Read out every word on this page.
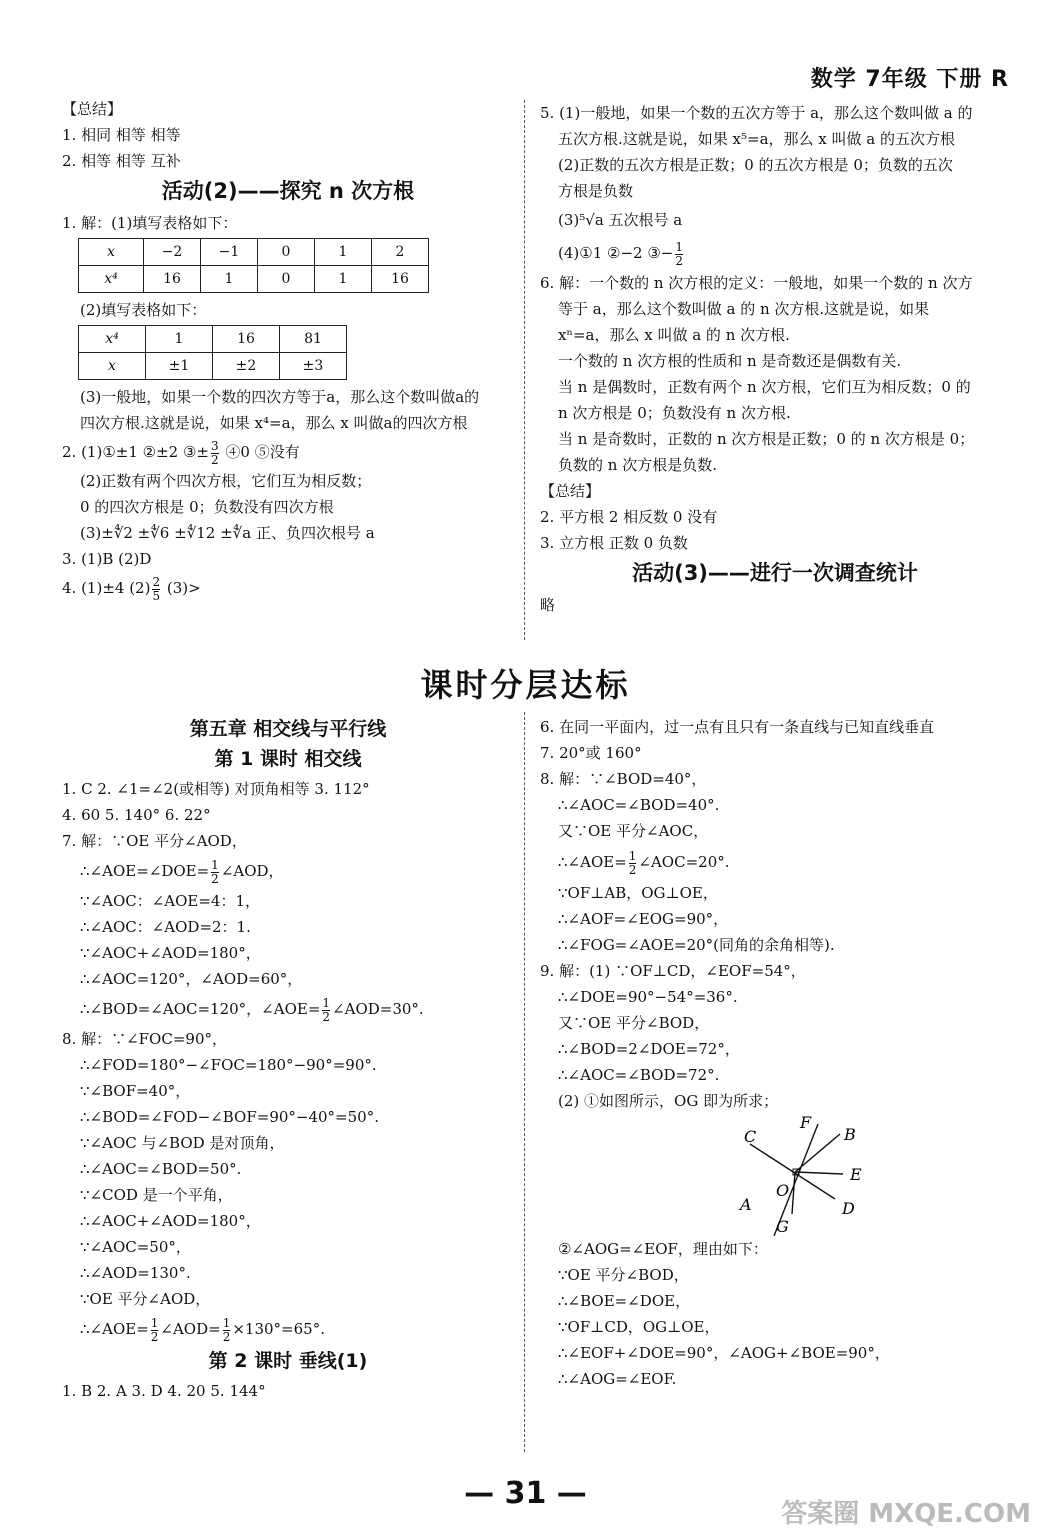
数学 7年级 下册 R

【总结】

1. 相同 相等 相等

2. 相等 相等 互补

活动(2)——探究 n 次方根

1. 解：(1)填写表格如下：

x	−2	−1	0	1	2
x⁴	16	1	0	1	16

(2)填写表格如下：

x⁴	1	16	81
x	±1	±2	±3

(3)一般地，如果一个数的四次方等于a，那么这个数叫做a的

四次方根.这就是说，如果 x⁴=a，那么 x 叫做a的四次方根

2. (1)①±1 ②±2 ③± $\frac{3}{2}$ ④0 ⑤没有

(2)正数有两个四次方根，它们互为相反数；

0 的四次方根是 0；负数没有四次方根

(3)±∜2 ±∜6 ±∜12 ±∜a 正、负四次根号 a

3. (1)B (2)D

4. (1)±4 $(2) \frac{2}{5} (3)>$

5. (1)一般地，如果一个数的五次方等于 a，那么这个数叫做 a 的

五次方根.这就是说，如果 x⁵=a，那么 x 叫做 a 的五次方根

(2)正数的五次方根是正数；0 的五次方根是 0；负数的五次

方根是负数

(3)⁵√a 五次根号 a

(4)①1 ②−2 ③− $\frac{1}{2}$

6. 解：一个数的 n 次方根的定义：一般地，如果一个数的 n 次方

等于 a，那么这个数叫做 a 的 n 次方根.这就是说，如果

xⁿ=a，那么 x 叫做 a 的 n 次方根.

一个数的 n 次方根的性质和 n 是奇数还是偶数有关.

当 n 是偶数时，正数有两个 n 次方根，它们互为相反数；0 的

n 次方根是 0；负数没有 n 次方根.

当 n 是奇数时，正数的 n 次方根是正数；0 的 n 次方根是 0；

负数的 n 次方根是负数.

【总结】

2. 平方根 2 相反数 0 没有

3. 立方根 正数 0 负数

活动(3)——进行一次调查统计

略

课时分层达标
第五章 相交线与平行线
第 1 课时 相交线

1. C 2. ∠1=∠2(或相等) 对顶角相等 3. 112°

4. 60 5. 140° 6. 22°

7. 解：∵OE 平分∠AOD，

∴∠AOE=∠DOE= $\frac{1}{2}$ ∠AOD，

∵∠AOC：∠AOE=4：1，

∴∠AOC：∠AOD=2：1.

∵∠AOC+∠AOD=180°，

∴∠AOC=120°，∠AOD=60°，

∴∠BOD=∠AOC=120°，∠AOE= $\frac{1}{2}$ ∠AOD=30°.

8. 解：∵∠FOC=90°，

∴∠FOD=180°−∠FOC=180°−90°=90°.

∵∠BOF=40°，

∴∠BOD=∠FOD−∠BOF=90°−40°=50°.

∵∠AOC 与∠BOD 是对顶角，

∴∠AOC=∠BOD=50°.

∵∠COD 是一个平角，

∴∠AOC+∠AOD=180°，

∵∠AOC=50°，

∴∠AOD=130°.

∵OE 平分∠AOD，

∴∠AOE= $\frac{1}{2}$ ∠AOD= $\frac{1}{2} \times 130^\circ=65^\circ$.

第 2 课时 垂线(1)

1. B 2. A 3. D 4. 20 5. 144°

6. 在同一平面内，过一点有且只有一条直线与已知直线垂直

7. 20°或 160°

8. 解：∵∠BOD=40°，

∴∠AOC=∠BOD=40°.

又∵OE 平分∠AOC，

∴∠AOE= $\frac{1}{2}$ ∠AOC=20°.

∵OF⊥AB，OG⊥OE，

∴∠AOF=∠EOG=90°，

∴∠FOG=∠AOE=20°(同角的余角相等).

9. 解：(1) ∵OF⊥CD，∠EOF=54°，

∴∠DOE=90°−54°=36°.

又∵OE 平分∠BOD，

∴∠BOD=2∠DOE=72°，

∴∠AOC=∠BOD=72°.

(2) ①如图所示，OG 即为所求；

C
F
B
E
A
O
D
G

②∠AOG=∠EOF，理由如下：

∵OE 平分∠BOD，

∴∠BOE=∠DOE，

∵OF⊥CD，OG⊥OE，

∴∠EOF+∠DOE=90°，∠AOG+∠BOE=90°，

∴∠AOG=∠EOF.

— 31 —
答案圈 MXQE.COM
